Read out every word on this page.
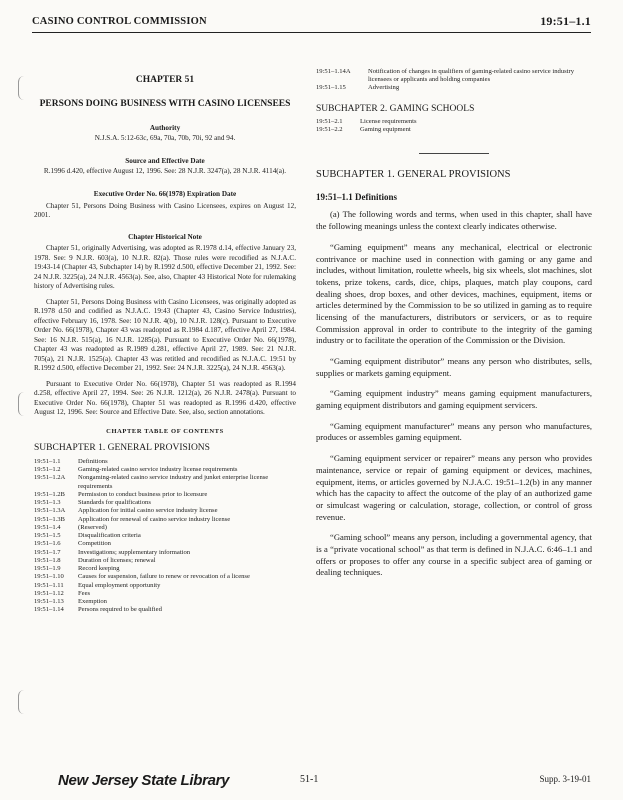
CASINO CONTROL COMMISSION	19:51–1.1
CHAPTER 51
PERSONS DOING BUSINESS WITH CASINO LICENSEES
Authority
N.J.S.A. 5:12-63c, 69a, 70a, 70b, 70i, 92 and 94.
Source and Effective Date
R.1996 d.420, effective August 12, 1996. See: 28 N.J.R. 3247(a), 28 N.J.R. 4114(a).
Executive Order No. 66(1978) Expiration Date

Chapter 51, Persons Doing Business with Casino Licensees, expires on August 12, 2001.

Chapter Historical Note

Chapter 51, originally Advertising, was adopted as R.1978 d.14, effective January 23, 1978. See: 9 N.J.R. 603(a), 10 N.J.R. 82(a). Those rules were recodified as N.J.A.C. 19:43-14 (Chapter 43, Subchapter 14) by R.1992 d.500, effective December 21, 1992. See: 24 N.J.R. 3225(a), 24 N.J.R. 4563(a). See, also, Chapter 43 Historical Note for rulemaking history of Advertising rules.

Chapter 51, Persons Doing Business with Casino Licensees, was originally adopted as R.1978 d.50 and codified as N.J.A.C. 19:43 (Chapter 43, Casino Service Industries), effective February 16, 1978. See: 10 N.J.R. 4(b), 10 N.J.R. 128(c). Pursuant to Executive Order No. 66(1978), Chapter 43 was readopted as R.1984 d.187, effective April 27, 1984. See: 16 N.J.R. 515(a), 16 N.J.R. 1285(a). Pursuant to Executive Order No. 66(1978), Chapter 43 was readopted as R.1989 d.281, effective April 27, 1989. See: 21 N.J.R. 705(a), 21 N.J.R. 1525(a). Chapter 43 was retitled and recodified as N.J.A.C. 19:51 by R.1992 d.500, effective December 21, 1992. See: 24 N.J.R. 3225(a), 24 N.J.R. 4563(a).

Pursuant to Executive Order No. 66(1978), Chapter 51 was readopted as R.1994 d.258, effective April 27, 1994. See: 26 N.J.R. 1212(a), 26 N.J.R. 2478(a). Pursuant to Executive Order No. 66(1978), Chapter 51 was readopted as R.1996 d.420, effective August 12, 1996. See: Source and Effective Date. See, also, section annotations.

CHAPTER TABLE OF CONTENTS
SUBCHAPTER 1. GENERAL PROVISIONS
19:51–1.1	Definitions
19:51–1.2	Gaming-related casino service industry license requirements
19:51–1.2A	Nongaming-related casino service industry and junket enterprise license requirements
19:51–1.2B	Permission to conduct business prior to licensure
19:51–1.3	Standards for qualifications
19:51–1.3A	Application for initial casino service industry license
19:51–1.3B	Application for renewal of casino service industry license
19:51–1.4	(Reserved)
19:51–1.5	Disqualification criteria
19:51–1.6	Competition
19:51–1.7	Investigations; supplementary information
19:51–1.8	Duration of licenses; renewal
19:51–1.9	Record keeping
19:51–1.10	Causes for suspension, failure to renew or revocation of a license
19:51–1.11	Equal employment opportunity
19:51–1.12	Fees
19:51–1.13	Exemption
19:51–1.14	Persons required to be qualified
19:51–1.14A	Notification of changes in qualifiers of gaming-related casino service industry licensees or applicants and holding companies
19:51–1.15	Advertising
SUBCHAPTER 2. GAMING SCHOOLS
19:51–2.1	License requirements
19:51–2.2	Gaming equipment
SUBCHAPTER 1. GENERAL PROVISIONS
19:51–1.1 Definitions

(a) The following words and terms, when used in this chapter, shall have the following meanings unless the context clearly indicates otherwise.

“Gaming equipment” means any mechanical, electrical or electronic contrivance or machine used in connection with gaming or any game and includes, without limitation, roulette wheels, big six wheels, slot machines, slot tokens, prize tokens, cards, dice, chips, plaques, match play coupons, card dealing shoes, drop boxes, and other devices, machines, equipment, items or articles determined by the Commission to be so utilized in gaming as to require licensing of the manufacturers, distributors or servicers, or as to require Commission approval in order to contribute to the integrity of the gaming industry or to facilitate the operation of the Commission or the Division.

“Gaming equipment distributor” means any person who distributes, sells, supplies or markets gaming equipment.

“Gaming equipment industry” means gaming equipment manufacturers, gaming equipment distributors and gaming equipment servicers.

“Gaming equipment manufacturer” means any person who manufactures, produces or assembles gaming equipment.

“Gaming equipment servicer or repairer” means any person who provides maintenance, service or repair of gaming equipment or devices, machines, equipment, items, or articles governed by N.J.A.C. 19:51–1.2(b) in any manner which has the capacity to affect the outcome of the play of an authorized game or simulcast wagering or calculation, storage, collection, or control of gross revenue.

“Gaming school” means any person, including a governmental agency, that is a “private vocational school” as that term is defined in N.J.A.C. 6:46–1.1 and offers or proposes to offer any course in a specific subject area of gaming or dealing techniques.

New Jersey State Library	51-1	Supp. 3-19-01
